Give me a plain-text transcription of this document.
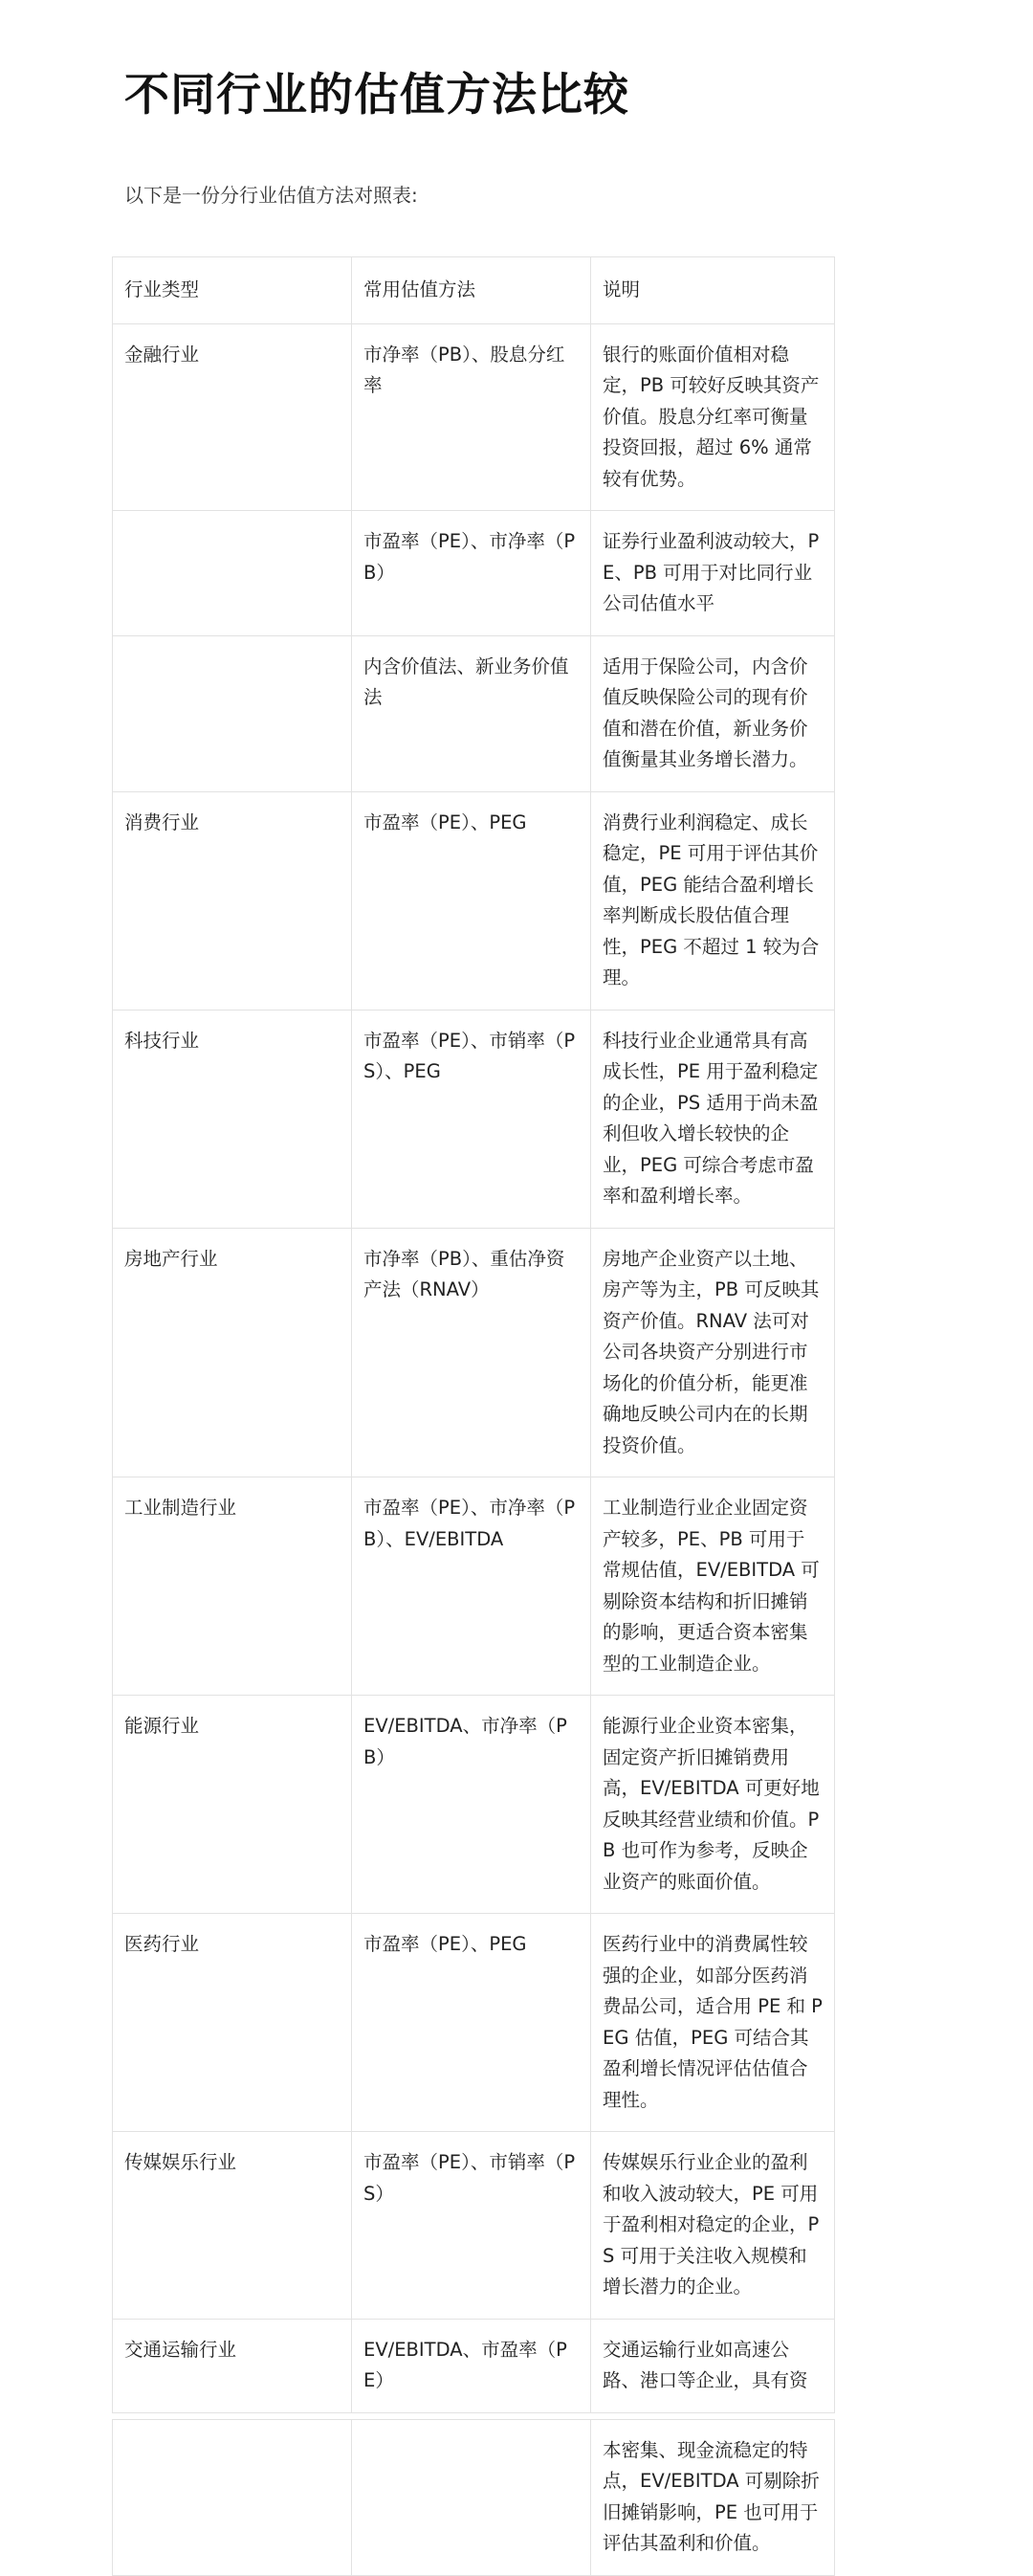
不同行业的估值方法比较
以下是一份分行业估值方法对照表:
行业类型	常用估值方法	说明
金融行业	市净率（PB）、股息分红率	银行的账面价值相对稳定，PB 可较好反映其资产价值。股息分红率可衡量投资回报，超过 6% 通常较有优势。
	市盈率（PE）、市净率（PB）	证券行业盈利波动较大，PE、PB 可用于对比同行业公司估值水平
	内含价值法、新业务价值法	适用于保险公司，内含价值反映保险公司的现有价值和潜在价值，新业务价值衡量其业务增长潜力。
消费行业	市盈率（PE）、PEG	消费行业利润稳定、成长稳定，PE 可用于评估其价值，PEG 能结合盈利增长率判断成长股估值合理性，PEG 不超过 1 较为合理。
科技行业	市盈率（PE）、市销率（PS）、PEG	科技行业企业通常具有高成长性，PE 用于盈利稳定的企业，PS 适用于尚未盈利但收入增长较快的企业，PEG 可综合考虑市盈率和盈利增长率。
房地产行业	市净率（PB）、重估净资产法（RNAV）	房地产企业资产以土地、房产等为主，PB 可反映其资产价值。RNAV 法可对公司各块资产分别进行市场化的价值分析，能更准确地反映公司内在的长期投资价值。
工业制造行业	市盈率（PE）、市净率（PB）、EV/EBITDA	工业制造行业企业固定资产较多，PE、PB 可用于常规估值，EV/EBITDA 可剔除资本结构和折旧摊销的影响，更适合资本密集型的工业制造企业。
能源行业	EV/EBITDA、市净率（PB）	能源行业企业资本密集，固定资产折旧摊销费用高，EV/EBITDA 可更好地反映其经营业绩和价值。PB 也可作为参考，反映企业资产的账面价值。
医药行业	市盈率（PE）、PEG	医药行业中的消费属性较强的企业，如部分医药消费品公司，适合用 PE 和 PEG 估值，PEG 可结合其盈利增长情况评估估值合理性。
传媒娱乐行业	市盈率（PE）、市销率（PS）	传媒娱乐行业企业的盈利和收入波动较大，PE 可用于盈利相对稳定的企业，PS 可用于关注收入规模和增长潜力的企业。
交通运输行业	EV/EBITDA、市盈率（PE）	交通运输行业如高速公路、港口等企业，具有资
		本密集、现金流稳定的特点，EV/EBITDA 可剔除折旧摊销影响，PE 也可用于评估其盈利和价值。
